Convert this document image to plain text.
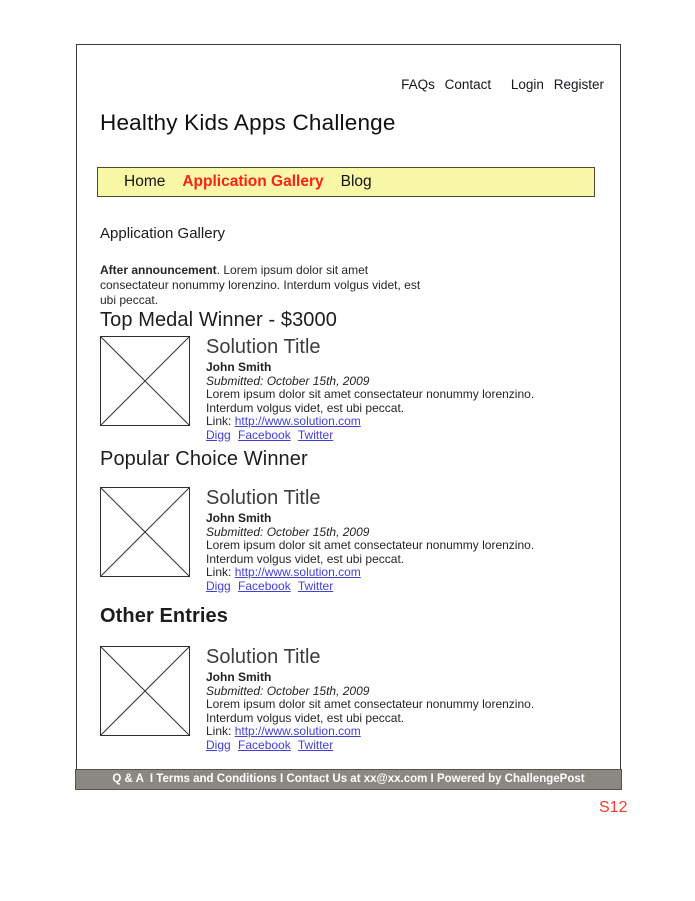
FAQs Contact Login Register
Healthy Kids Apps Challenge
Home Application Gallery Blog
Application Gallery

After announcement. Lorem ipsum dolor sit amet consectateur nonummy lorenzino. Interdum volgus videt, est ubi peccat.

Top Medal Winner - $3000
Solution Title
John Smith
Submitted: October 15th, 2009
Lorem ipsum dolor sit amet consectateur nonummy lorenzino. Interdum volgus videt, est ubi peccat.
Link: http://www.solution.com
Digg Facebook Twitter
Popular Choice Winner
Solution Title
John Smith
Submitted: October 15th, 2009
Lorem ipsum dolor sit amet consectateur nonummy lorenzino. Interdum volgus videt, est ubi peccat.
Link: http://www.solution.com
Digg Facebook Twitter
Other Entries
Solution Title
John Smith
Submitted: October 15th, 2009
Lorem ipsum dolor sit amet consectateur nonummy lorenzino. Interdum volgus videt, est ubi peccat.
Link: http://www.solution.com
Digg Facebook Twitter
Q & A  I Terms and Conditions I Contact Us at xx@xx.com I Powered by ChallengePost
S12
